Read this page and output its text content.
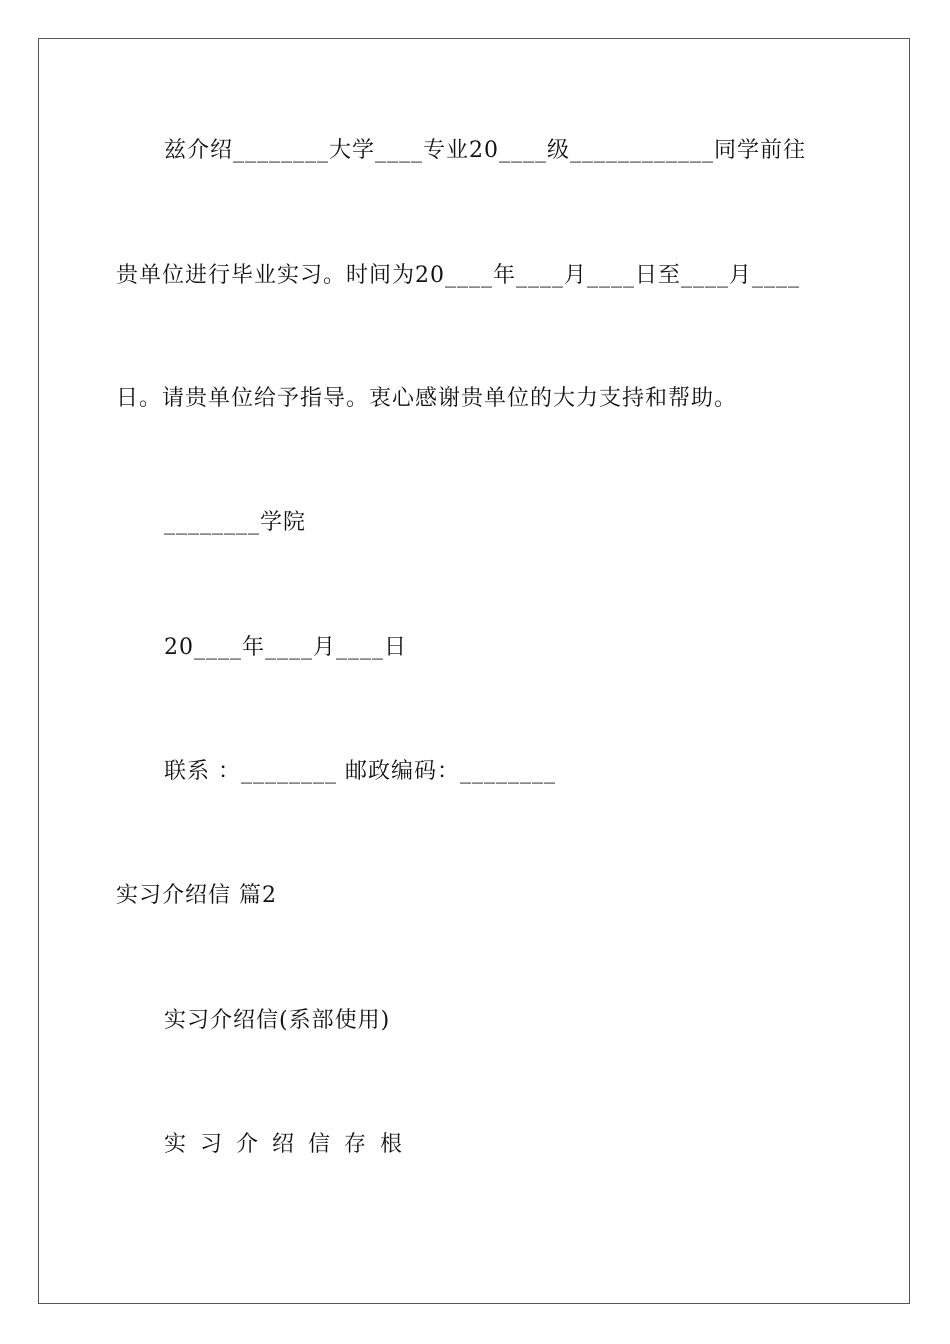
兹介绍________大学____专业20____级____________同学前往
贵单位进行毕业实习。时间为20____年____月____日至____月____
日。请贵单位给予指导。衷心感谢贵单位的大力支持和帮助。
________学院
20____年____月____日
联系 ：________ 邮政编码：________
实习介绍信 篇2
实习介绍信(系部使用)
实习介绍信存根
